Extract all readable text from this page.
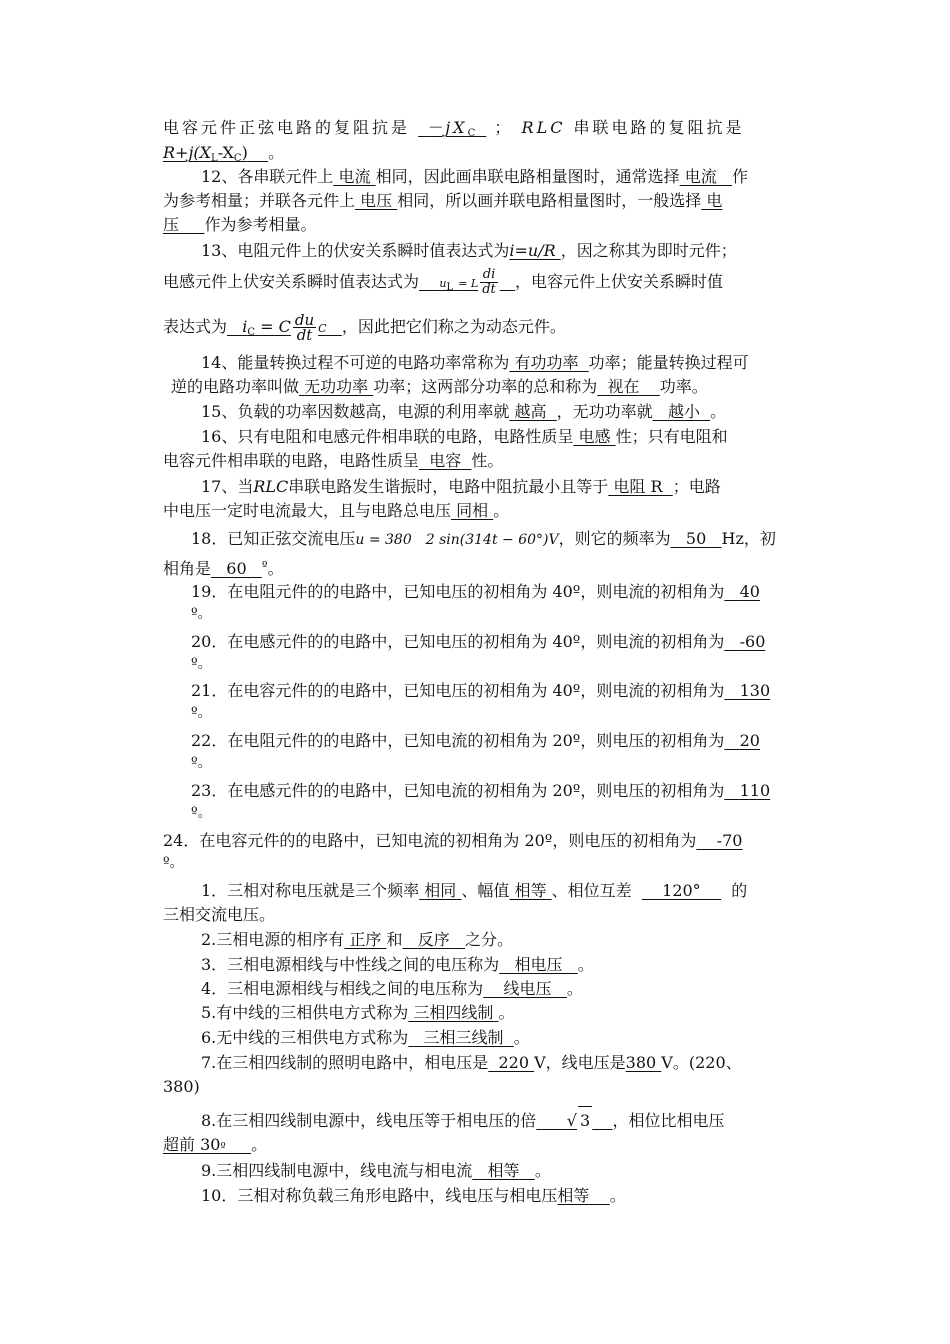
电容元件正弦电路的复阻抗是 $-jX_C$ ； RLC 串联电路的复阻抗是
$R+j(X_L-X_C)$ 。
12、各串联元件上 电流 相同，因此画串联电路相量图时，通常选择 电流 作
为参考相量；并联各元件上 电压 相同，所以画并联电路相量图时，一般选择 电
压 作为参考相量。
13、电阻元件上的伏安关系瞬时值表达式为i=u/R ，因之称其为即时元件；
电感元件上伏安关系瞬时值表达式为 $u_L = L \frac{di}{dt}$ ，电容元件上伏安关系瞬时值
表达式为 $i_C = C \frac{du}{dt}$ C ，因此把它们称之为动态元件。
14、能量转换过程不可逆的电路功率常称为 有功功率 功率；能量转换过程可
逆的电路功率叫做 无功功率 功率；这两部分功率的总和称为 视在 功率。
15、负载的功率因数越高，电源的利用率就 越高 ，无功功率就 越小 。
16、只有电阻和电感元件相串联的电路，电路性质呈 电感 性；只有电阻和
电容元件相串联的电路，电路性质呈 电容 性。
17、当RLC串联电路发生谐振时，电路中阻抗最小且等于 电阻 R ；电路
中电压一定时电流最大，且与电路总电压 同相 。
18．已知正弦交流电压u = 380　2 sin(314t − 60°)V，则它的频率为 50 Hz，初
相角是 60 $^º$。
19．在电阻元件的的电路中，已知电压的初相角为 40º，则电流的初相角为 40
º。
20．在电感元件的的电路中，已知电压的初相角为 40º，则电流的初相角为 -60
º。
21．在电容元件的的电路中，已知电压的初相角为 40º，则电流的初相角为 130
º。
22．在电阻元件的的电路中，已知电流的初相角为 20º，则电压的初相角为 20
º。
23．在电感元件的的电路中，已知电流的初相角为 20º，则电压的初相角为 110
º。
24．在电容元件的的电路中，已知电流的初相角为 20º，则电压的初相角为 -70
º。
1．三相对称电压就是三个频率 相同 、幅值 相等 、相位互差 120° 的
三相交流电压。
2.三相电源的相序有 正序 和 反序 之分。
3．三相电源相线与中性线之间的电压称为 相电压 。
4．三相电源相线与相线之间的电压称为 线电压 。
5.有中线的三相供电方式称为 三相四线制 。
6.无中线的三相供电方式称为 三相三线制 。
7.在三相四线制的照明电路中，相电压是 220 V，线电压是380 V。(220、
380)
8.在三相四线制电源中，线电压等于相电压的倍 √ 3 ，相位比相电压
超前 30º 。
9.三相四线制电源中，线电流与相电流 相等 。
10．三相对称负载三角形电路中，线电压与相电压相等 。
